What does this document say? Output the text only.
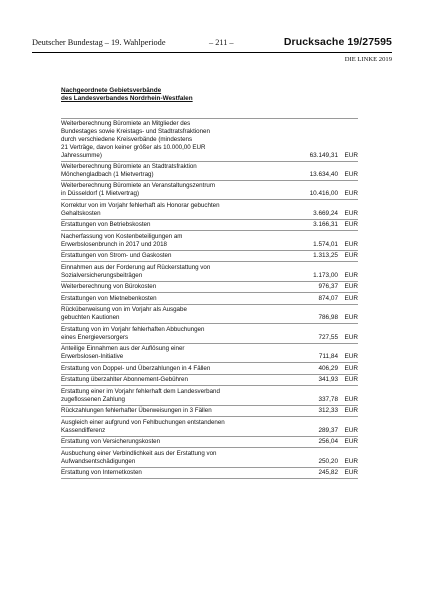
Deutscher Bundestag – 19. Wahlperiode	– 211 –	Drucksache 19/27595
DIE LINKE 2019
Nachgeordnete Gebietsverbände
des Landesverbandes Nordrhein-Westfalen
Weiterberechnung Büromiete an Mitglieder des
Bundestages sowie Kreistags- und Stadtratsfraktionen
durch verschiedene Kreisverbände (mindestens
21 Verträge, davon keiner größer als 10.000,00 EUR
Jahressumme)	63.149,31	EUR
Weiterberechnung Büromiete an Stadtratsfraktion
Mönchengladbach (1 Mietvertrag)	13.634,40	EUR
Weiterberechnung Büromiete an Veranstaltungszentrum
in Düsseldorf (1 Mietvertrag)	10.416,00	EUR
Korrektur von im Vorjahr fehlerhaft als Honorar gebuchten
Gehaltskosten	3.669,24	EUR
Erstattungen von Betriebskosten	3.166,31	EUR
Nacherfassung von Kostenbeteiligungen am
Erwerbslosenbrunch in 2017 und 2018	1.574,01	EUR
Erstattungen von Strom- und Gaskosten	1.313,25	EUR
Einnahmen aus der Forderung auf Rückerstattung von
Sozialversicherungsbeiträgen	1.173,00	EUR
Weiterberechnung von Bürokosten	976,37	EUR
Erstattungen von Mietnebenkosten	874,07	EUR
Rücküberweisung von im Vorjahr als Ausgabe
gebuchten Kautionen	786,98	EUR
Erstattung von im Vorjahr fehlerhaften Abbuchungen
eines Energieversorgers	727,55	EUR
Anteilige Einnahmen aus der Auflösung einer
Erwerbslosen-Initiative	711,84	EUR
Erstattung von Doppel- und Überzahlungen in 4 Fällen	406,29	EUR
Erstattung überzahlter Abonnement-Gebühren	341,93	EUR
Erstattung einer im Vorjahr fehlerhaft dem Landesverband
zugeflossenen Zahlung	337,78	EUR
Rückzahlungen fehlerhafter Überweisungen in 3 Fällen	312,33	EUR
Ausgleich einer aufgrund von Fehlbuchungen entstandenen
Kassendifferenz	289,37	EUR
Erstattung von Versicherungskosten	256,04	EUR
Ausbuchung einer Verbindlichkeit aus der Erstattung von
Aufwandsentschädigungen	250,20	EUR
Erstattung von Internetkosten	245,82	EUR
